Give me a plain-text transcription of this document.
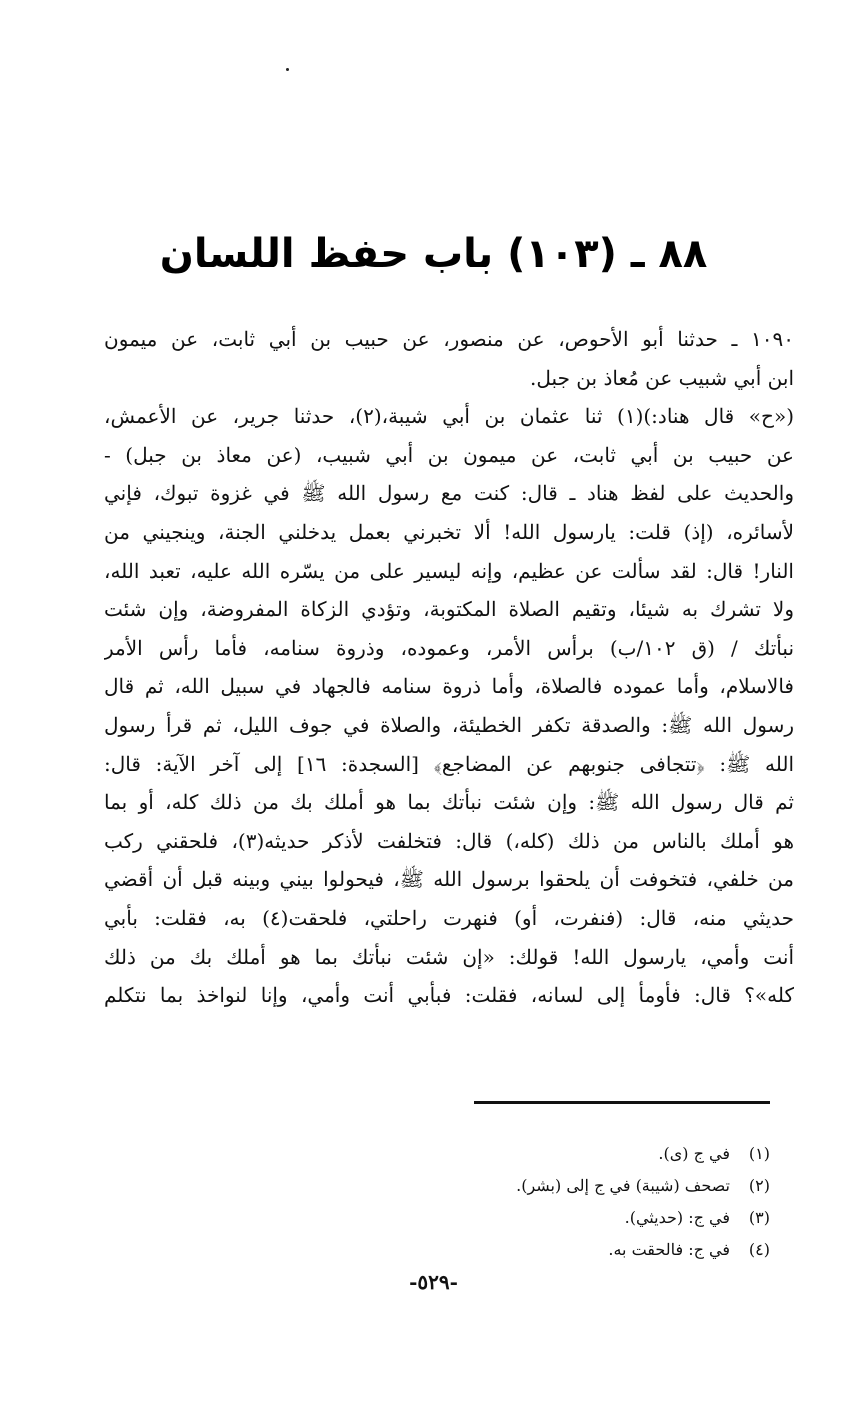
٨٨ ـ (١٠٣) باب حفظ اللسان
١٠٩٠ ـ حدثنا أبو الأحوص، عن منصور، عن حبيب بن أبي ثابت، عن ميمون
ابن أبي شبيب عن مُعاذ بن جبل.
(«ح» قال هناد:)(١) ثنا عثمان بن أبي شيبة،(٢)، حدثنا جرير، عن الأعمش،
عن حبيب بن أبي ثابت، عن ميمون بن أبي شبيب، (عن معاذ بن جبل) -
والحديث على لفظ هناد ـ قال: كنت مع رسول الله ﷺ في غزوة تبوك، فإني
لأسائره، (إذ) قلت: يارسول الله! ألا تخبرني بعمل يدخلني الجنة، وينجيني من
النار! قال: لقد سألت عن عظيم، وإنه ليسير على من يسّره الله عليه، تعبد الله،
ولا تشرك به شيئا، وتقيم الصلاة المكتوبة، وتؤدي الزكاة المفروضة، وإن شئت
نبأتك / (ق ١٠٢/ب) برأس الأمر، وعموده، وذروة سنامه، فأما رأس الأمر
فالاسلام، وأما عموده فالصلاة، وأما ذروة سنامه فالجهاد في سبيل الله، ثم قال
رسول الله ﷺ: والصدقة تكفر الخطيئة، والصلاة في جوف الليل، ثم قرأ رسول
الله ﷺ: ﴿تتجافى جنوبهم عن المضاجع﴾ [السجدة: ١٦] إلى آخر الآية: قال:
ثم قال رسول الله ﷺ: وإن شئت نبأتك بما هو أملك بك من ذلك كله، أو بما
هو أملك بالناس من ذلك (كله،) قال: فتخلفت لأذكر حديثه(٣)، فلحقني ركب
من خلفي، فتخوفت أن يلحقوا برسول الله ﷺ، فيحولوا بيني وبينه قبل أن أقضي
حديثي منه، قال: (فنفرت، أو) فنهرت راحلتي، فلحقت(٤) به، فقلت: بأبي
أنت وأمي، يارسول الله! قولك: «إن شئت نبأتك بما هو أملك بك من ذلك
كله»؟ قال: فأومأ إلى لسانه، فقلت: فبأبي أنت وأمي، وإنا لنواخذ بما نتكلم
(١)
في ج (ى).
(٢)
تصحف (شيبة) في ج إلى (بشر).
(٣)
في ج: (حديثي).
(٤)
في ج: فالحقت به.
-٥٢٩-
